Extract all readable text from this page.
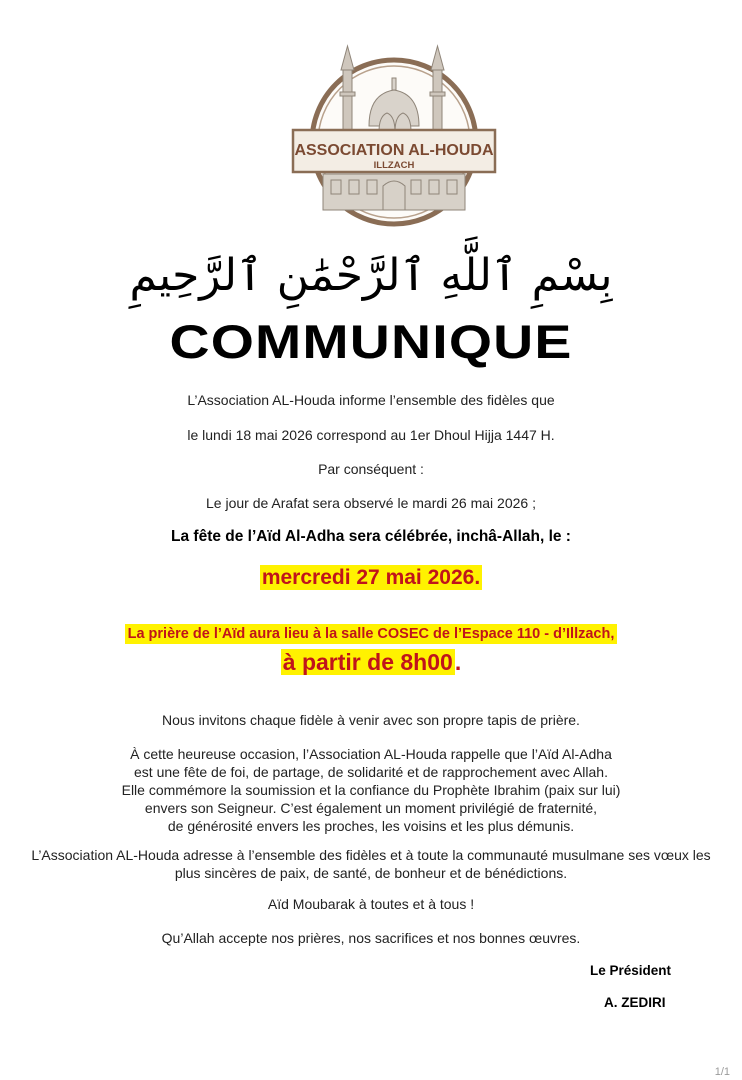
ASSOCIATION AL-HOUDA
ILLZACH
بِسْمِ ٱللَّهِ ٱلرَّحْمَٰنِ ٱلرَّحِيمِ
COMMUNIQUE
L’Association AL-Houda informe l’ensemble des fidèles que
le lundi 18 mai 2026 correspond au 1er Dhoul Hijja 1447 H.
Par conséquent :
Le jour de Arafat sera observé le mardi 26 mai 2026 ;
La fête de l’Aïd Al-Adha sera célébrée, inchâ-Allah, le :
mercredi 27 mai 2026.
La prière de l’Aïd aura lieu à la salle COSEC de l’Espace 110 - d’Illzach,
à partir de 8h00.
Nous invitons chaque fidèle à venir avec son propre tapis de prière.
À cette heureuse occasion, l’Association AL-Houda rappelle que l’Aïd Al-Adha
est une fête de foi, de partage, de solidarité et de rapprochement avec Allah.
Elle commémore la soumission et la confiance du Prophète Ibrahim (paix sur lui)
envers son Seigneur. C’est également un moment privilégié de fraternité,
de générosité envers les proches, les voisins et les plus démunis.
L’Association AL-Houda adresse à l’ensemble des fidèles et à toute la communauté musulmane ses vœux les
plus sincères de paix, de santé, de bonheur et de bénédictions.
Aïd Moubarak à toutes et à tous !
Qu’Allah accepte nos prières, nos sacrifices et nos bonnes œuvres.
Le Président
A. ZEDIRI
1/1
